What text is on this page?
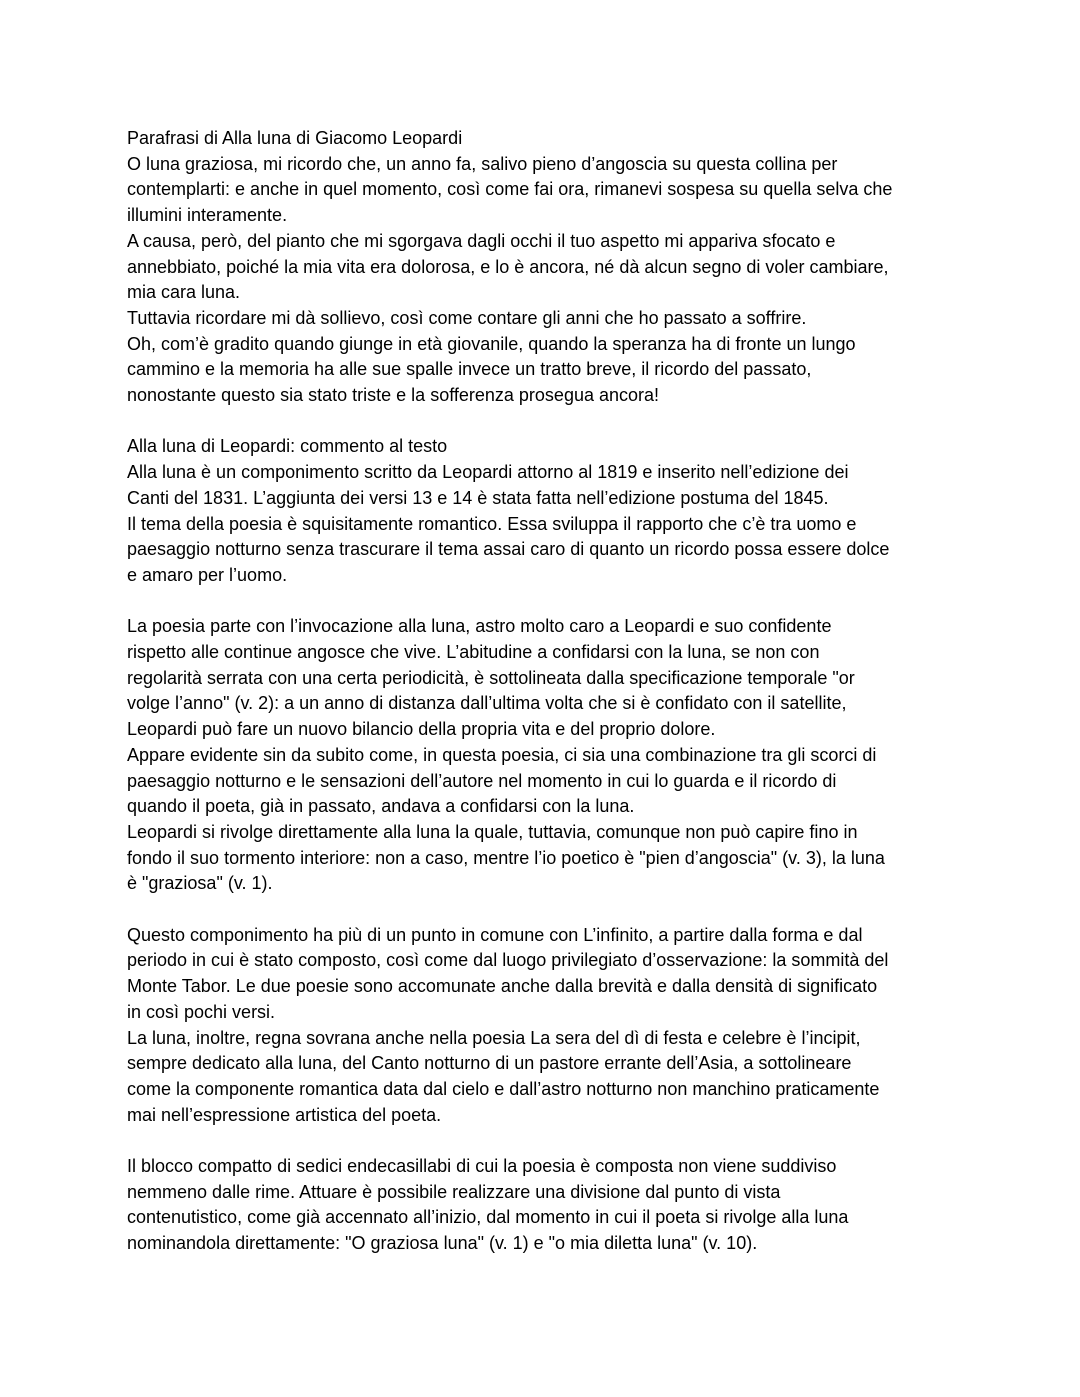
Parafrasi di Alla luna di Giacomo Leopardi
O luna graziosa, mi ricordo che, un anno fa, salivo pieno d’angoscia su questa collina per
contemplarti: e anche in quel momento, così come fai ora, rimanevi sospesa su quella selva che
illumini interamente.
A causa, però, del pianto che mi sgorgava dagli occhi il tuo aspetto mi appariva sfocato e
annebbiato, poiché la mia vita era dolorosa, e lo è ancora, né dà alcun segno di voler cambiare,
mia cara luna.
Tuttavia ricordare mi dà sollievo, così come contare gli anni che ho passato a soffrire.
Oh, com’è gradito quando giunge in età giovanile, quando la speranza ha di fronte un lungo
cammino e la memoria ha alle sue spalle invece un tratto breve, il ricordo del passato,
nonostante questo sia stato triste e la sofferenza prosegua ancora!
Alla luna di Leopardi: commento al testo
Alla luna è un componimento scritto da Leopardi attorno al 1819 e inserito nell’edizione dei
Canti del 1831. L’aggiunta dei versi 13 e 14 è stata fatta nell’edizione postuma del 1845.
Il tema della poesia è squisitamente romantico. Essa sviluppa il rapporto che c’è tra uomo e
paesaggio notturno senza trascurare il tema assai caro di quanto un ricordo possa essere dolce
e amaro per l’uomo.
La poesia parte con l’invocazione alla luna, astro molto caro a Leopardi e suo confidente
rispetto alle continue angosce che vive. L’abitudine a confidarsi con la luna, se non con
regolarità serrata con una certa periodicità, è sottolineata dalla specificazione temporale "or
volge l’anno" (v. 2): a un anno di distanza dall’ultima volta che si è confidato con il satellite,
Leopardi può fare un nuovo bilancio della propria vita e del proprio dolore.
Appare evidente sin da subito come, in questa poesia, ci sia una combinazione tra gli scorci di
paesaggio notturno e le sensazioni dell’autore nel momento in cui lo guarda e il ricordo di
quando il poeta, già in passato, andava a confidarsi con la luna.
Leopardi si rivolge direttamente alla luna la quale, tuttavia, comunque non può capire fino in
fondo il suo tormento interiore: non a caso, mentre l’io poetico è "pien d’angoscia" (v. 3), la luna
è "graziosa" (v. 1).
Questo componimento ha più di un punto in comune con L’infinito, a partire dalla forma e dal
periodo in cui è stato composto, così come dal luogo privilegiato d’osservazione: la sommità del
Monte Tabor. Le due poesie sono accomunate anche dalla brevità e dalla densità di significato
in così pochi versi.
La luna, inoltre, regna sovrana anche nella poesia La sera del dì di festa e celebre è l’incipit,
sempre dedicato alla luna, del Canto notturno di un pastore errante dell’Asia, a sottolineare
come la componente romantica data dal cielo e dall’astro notturno non manchino praticamente
mai nell’espressione artistica del poeta.
Il blocco compatto di sedici endecasillabi di cui la poesia è composta non viene suddiviso
nemmeno dalle rime. Attuare è possibile realizzare una divisione dal punto di vista
contenutistico, come già accennato all’inizio, dal momento in cui il poeta si rivolge alla luna
nominandola direttamente: "O graziosa luna" (v. 1) e "o mia diletta luna" (v. 10).
